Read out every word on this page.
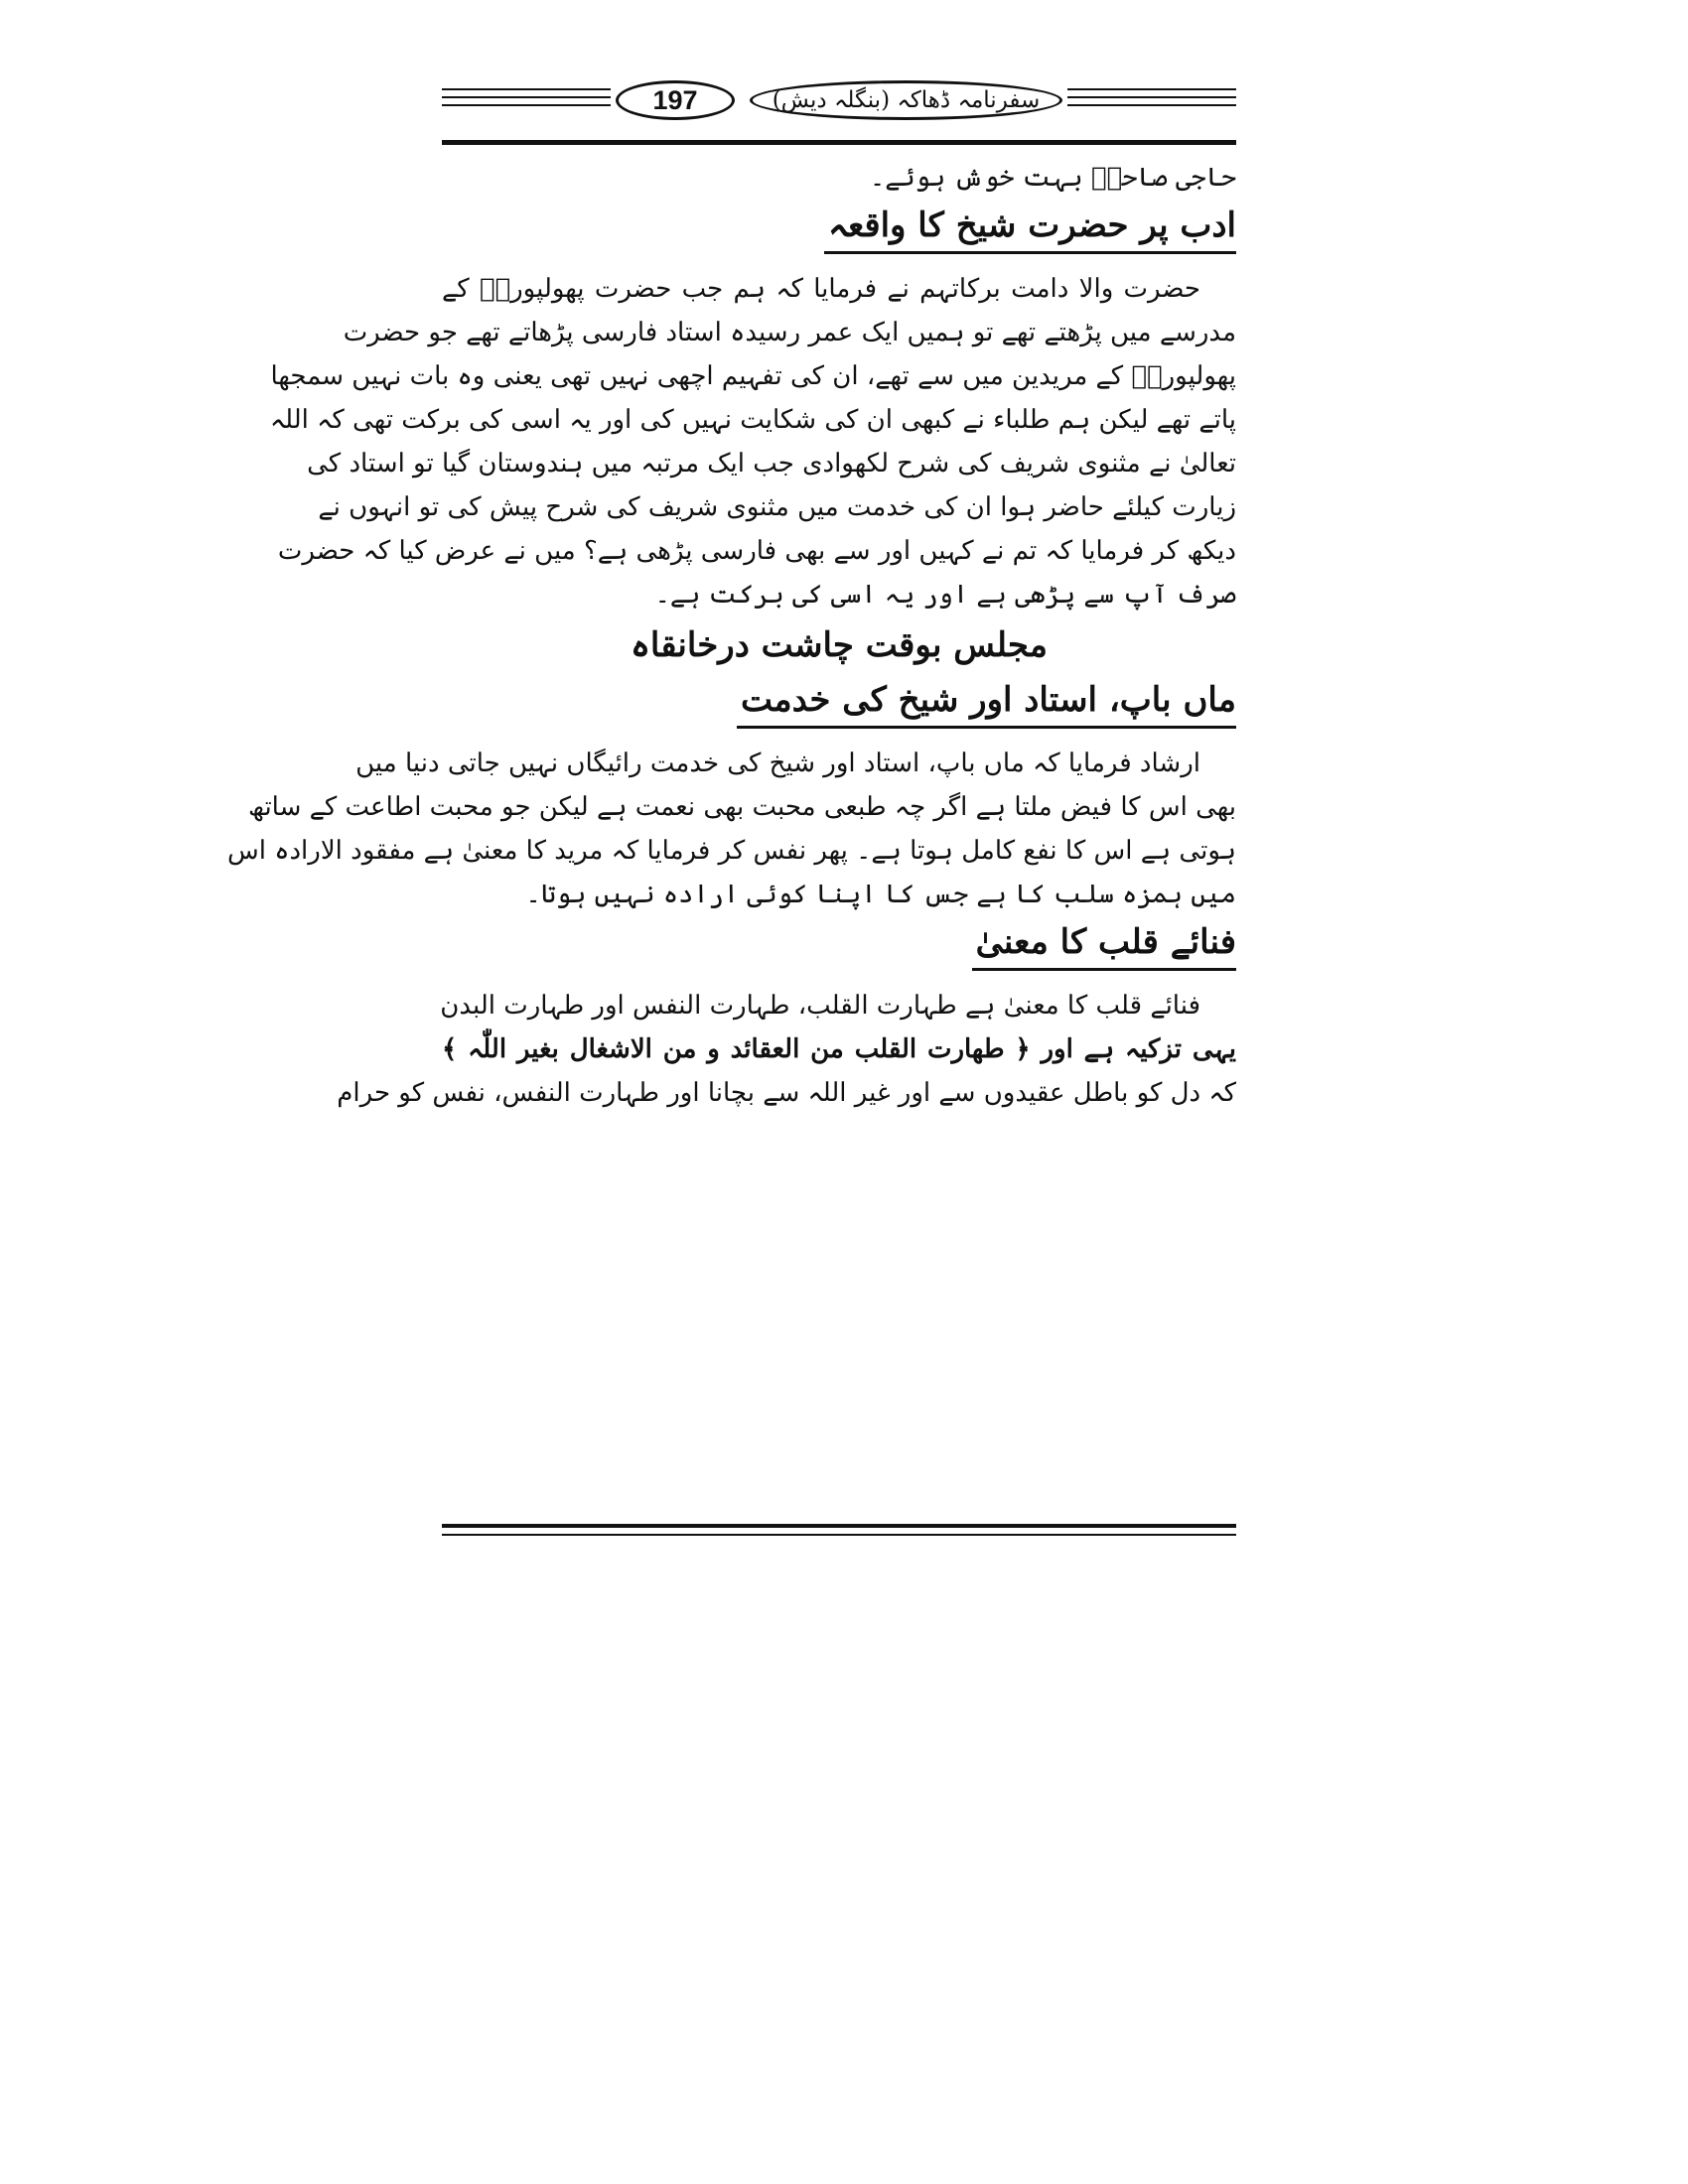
197	سفرنامہ ڈھاکہ (بنگلہ دیش)
حاجی صاحبؒ بہت خوش ہوئے۔
ادب پر حضرت شیخ کا واقعہ
حضرت والا دامت برکاتہم نے فرمایا کہ ہم جب حضرت پھولپوریؒ کے
مدرسے میں پڑھتے تھے تو ہمیں ایک عمر رسیدہ استاد فارسی پڑھاتے تھے جو حضرت
پھولپوریؒ کے مریدین میں سے تھے، ان کی تفہیم اچھی نہیں تھی یعنی وہ بات نہیں سمجھا
پاتے تھے لیکن ہم طلباء نے کبھی ان کی شکایت نہیں کی اور یہ اسی کی برکت تھی کہ اللہ
تعالیٰ نے مثنوی شریف کی شرح لکھوادی جب ایک مرتبہ میں ہندوستان گیا تو استاد کی
زیارت کیلئے حاضر ہوا ان کی خدمت میں مثنوی شریف کی شرح پیش کی تو انہوں نے
دیکھ کر فرمایا کہ تم نے کہیں اور سے بھی فارسی پڑھی ہے؟ میں نے عرض کیا کہ حضرت
صرف آپ سے پڑھی ہے اور یہ اسی کی برکت ہے۔
مجلس بوقت چاشت درخانقاہ
ماں باپ، استاد اور شیخ کی خدمت
ارشاد فرمایا کہ ماں باپ، استاد اور شیخ کی خدمت رائیگاں نہیں جاتی دنیا میں
بھی اس کا فیض ملتا ہے اگر چہ طبعی محبت بھی نعمت ہے لیکن جو محبت اطاعت کے ساتھ
ہوتی ہے اس کا نفع کامل ہوتا ہے۔ پھر نفس کر فرمایا کہ مرید کا معنیٰ ہے مفقود الارادہ اس
میں ہمزہ سلب کا ہے جس کا اپنا کوئی ارادہ نہیں ہوتا۔
فنائے قلب کا معنیٰ
فنائے قلب کا معنیٰ ہے طہارت القلب، طہارت النفس اور طہارت البدن
یہی تزکیہ ہے اور ﴿ طھارت القلب من العقائد و من الاشغال بغیر اللّٰہ ﴾
کہ دل کو باطل عقیدوں سے اور غیر اللہ سے بچانا اور طہارت النفس، نفس کو حرام
